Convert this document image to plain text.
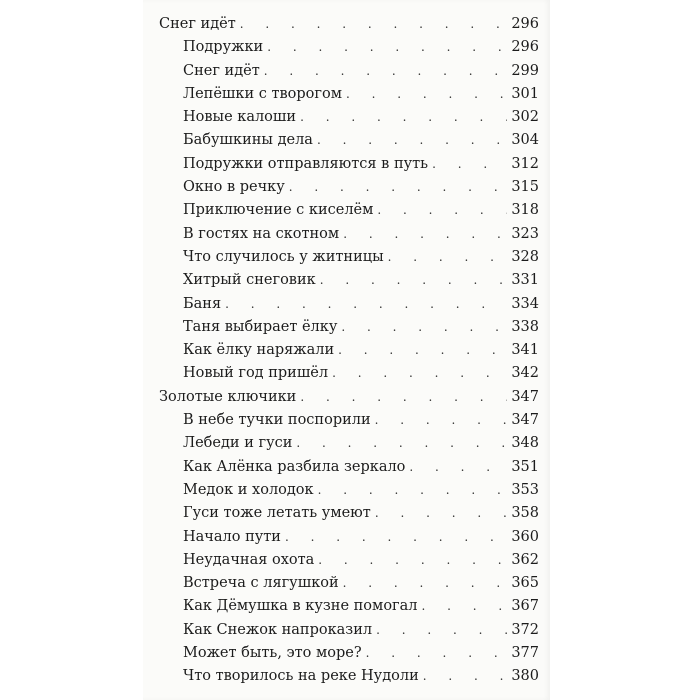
Снег идёт . . .	296
Подружки . . .	296
Снег идёт . . .	299
Лепёшки с творогом . . .	301
Новые калоши . . .	302
Бабушкины дела . . .	304
Подружки отправляются в путь . . .	312
Окно в речку . . .	315
Приключение с киселём . . .	318
В гостях на скотном . . .	323
Что случилось у житницы . . .	328
Хитрый снеговик . . .	331
Баня . . .	334
Таня выбирает ёлку . . .	338
Как ёлку наряжали . . .	341
Новый год пришёл . . .	342
Золотые ключики . . .	347
В небе тучки поспорили . . .	347
Лебеди и гуси . . .	348
Как Алёнка разбила зеркало . . .	351
Медок и холодок . . .	353
Гуси тоже летать умеют . . .	358
Начало пути . . .	360
Неудачная охота . . .	362
Встреча с лягушкой . . .	365
Как Дёмушка в кузне помогал . . .	367
Как Снежок напроказил . . .	372
Может быть, это море? . . .	377
Что творилось на реке Нудоли . . .	380
